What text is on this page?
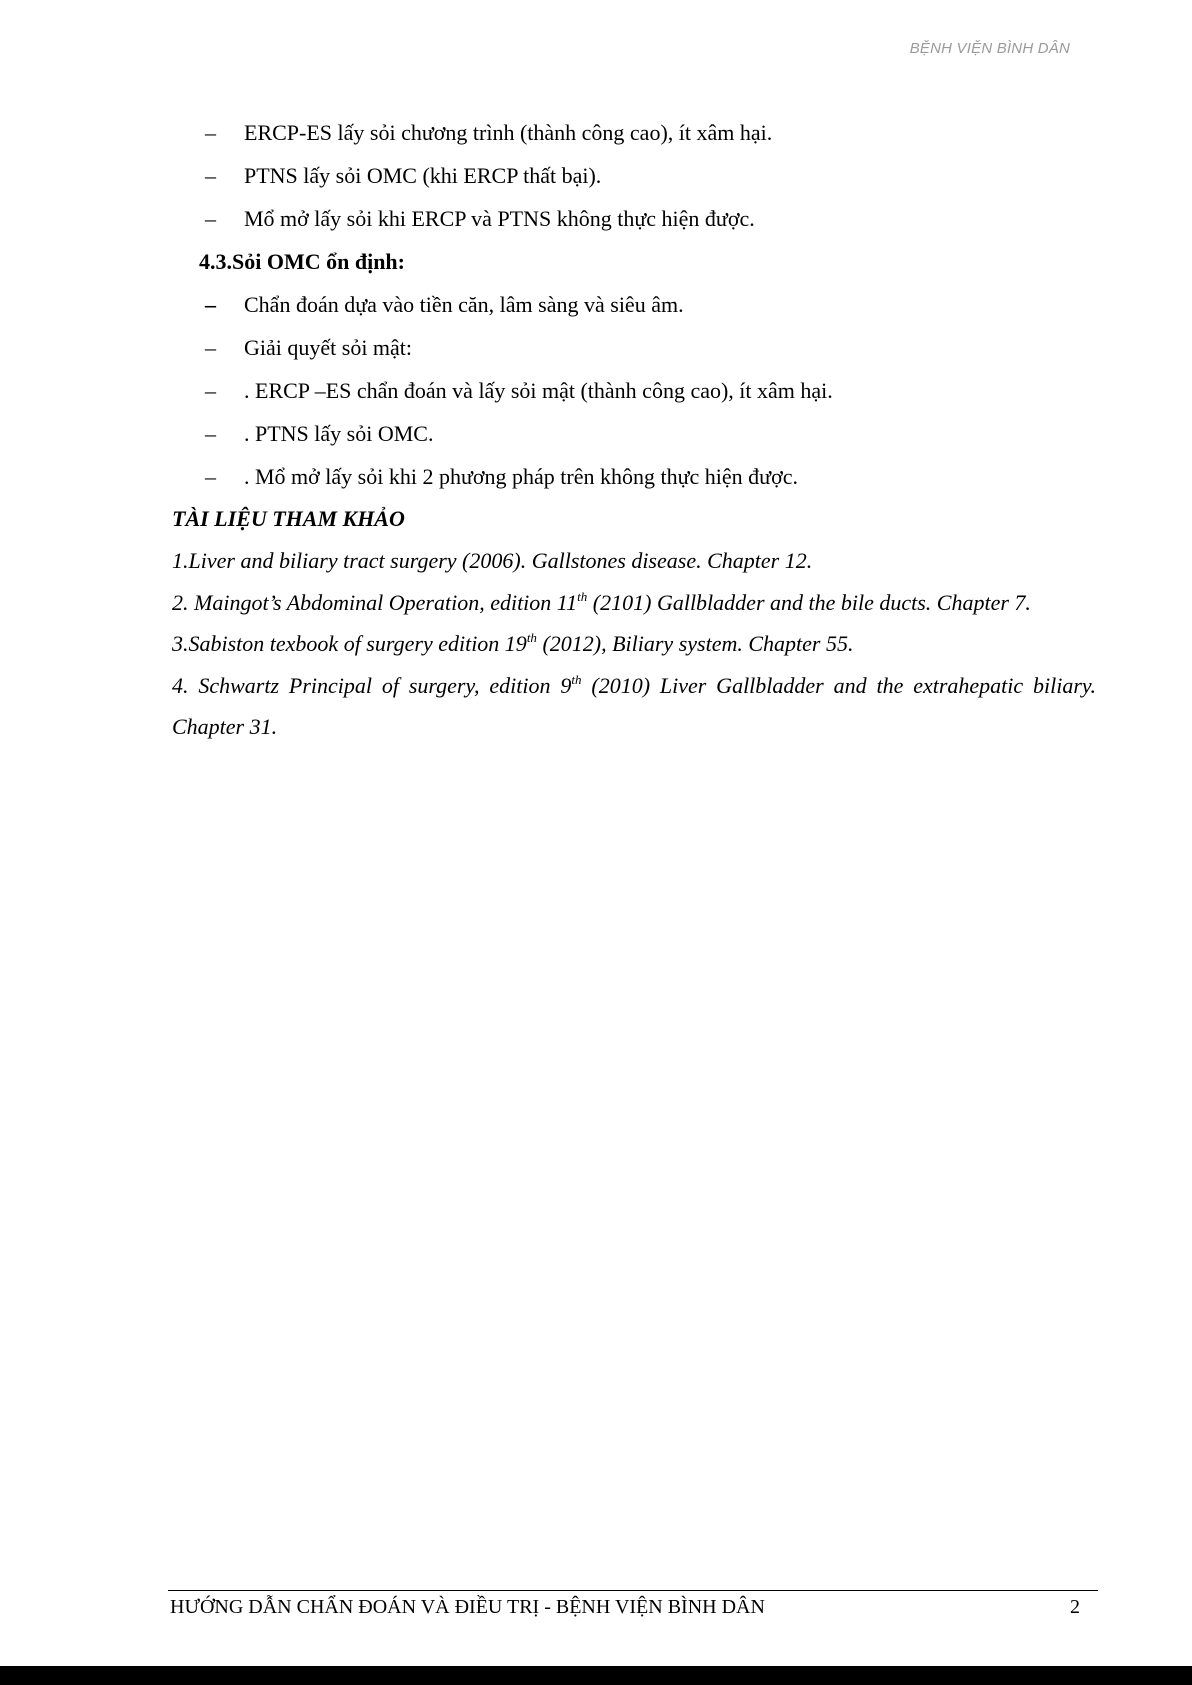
BỆNH VIỆN BÌNH DÂN
– ERCP-ES lấy sỏi chương trình (thành công cao), ít xâm hại.
– PTNS lấy sỏi OMC (khi ERCP thất bại).
– Mổ mở lấy sỏi khi ERCP và PTNS không thực hiện được.
4.3.Sỏi OMC ổn định:
– Chẩn đoán dựa vào tiền căn, lâm sàng và siêu âm.
– Giải quyết sỏi mật:
– . ERCP –ES chẩn đoán và lấy sỏi mật (thành công cao), ít xâm hại.
– . PTNS lấy sỏi OMC.
– . Mổ mở lấy sỏi khi 2 phương pháp trên không thực hiện được.
TÀI LIỆU THAM KHẢO
1.Liver and biliary tract surgery (2006). Gallstones disease. Chapter 12.
2. Maingot’s Abdominal Operation, edition 11th (2101) Gallbladder and the bile ducts. Chapter 7.
3.Sabiston texbook of surgery edition 19th (2012), Biliary system. Chapter 55.
4. Schwartz Principal of surgery, edition 9th (2010) Liver Gallbladder and the extrahepatic biliary. Chapter 31.
HƯỚNG DẪN CHẨN ĐOÁN VÀ ĐIỀU TRỊ - BỆNH VIỆN BÌNH DÂN	2
